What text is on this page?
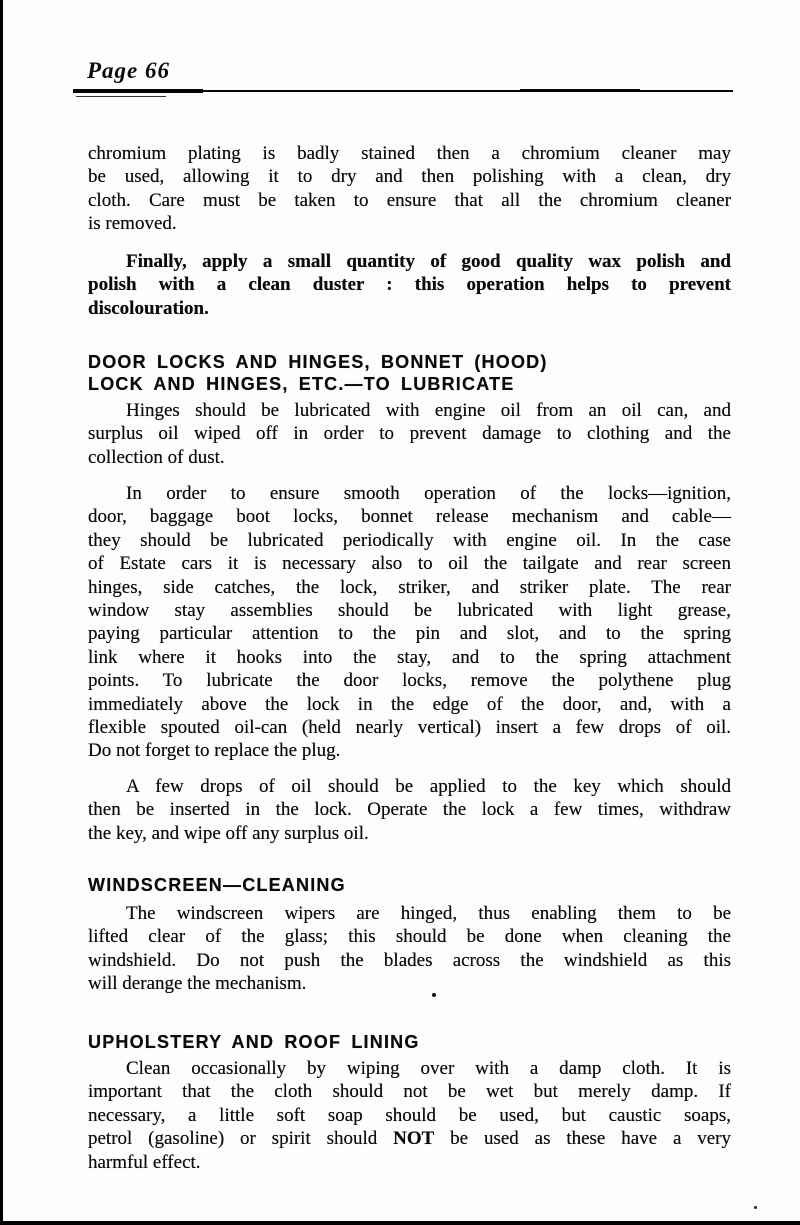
Page 66
chromium plating is badly stained then a chromium cleaner may
be used, allowing it to dry and then polishing with a clean, dry
cloth. Care must be taken to ensure that all the chromium cleaner
is removed.
Finally, apply a small quantity of good quality wax polish and
polish with a clean duster : this operation helps to prevent
discolouration.
DOOR LOCKS AND HINGES, BONNET (HOOD)
LOCK AND HINGES, ETC.—TO LUBRICATE
Hinges should be lubricated with engine oil from an oil can, and
surplus oil wiped off in order to prevent damage to clothing and the
collection of dust.
In order to ensure smooth operation of the locks—ignition,
door, baggage boot locks, bonnet release mechanism and cable—
they should be lubricated periodically with engine oil. In the case
of Estate cars it is necessary also to oil the tailgate and rear screen
hinges, side catches, the lock, striker, and striker plate. The rear
window stay assemblies should be lubricated with light grease,
paying particular attention to the pin and slot, and to the spring
link where it hooks into the stay, and to the spring attachment
points. To lubricate the door locks, remove the polythene plug
immediately above the lock in the edge of the door, and, with a
flexible spouted oil-can (held nearly vertical) insert a few drops of oil.
Do not forget to replace the plug.
A few drops of oil should be applied to the key which should
then be inserted in the lock. Operate the lock a few times, withdraw
the key, and wipe off any surplus oil.
WINDSCREEN—CLEANING
The windscreen wipers are hinged, thus enabling them to be
lifted clear of the glass; this should be done when cleaning the
windshield. Do not push the blades across the windshield as this
will derange the mechanism.
UPHOLSTERY AND ROOF LINING
Clean occasionally by wiping over with a damp cloth. It is
important that the cloth should not be wet but merely damp. If
necessary, a little soft soap should be used, but caustic soaps,
petrol (gasoline) or spirit should NOT be used as these have a very
harmful effect.
